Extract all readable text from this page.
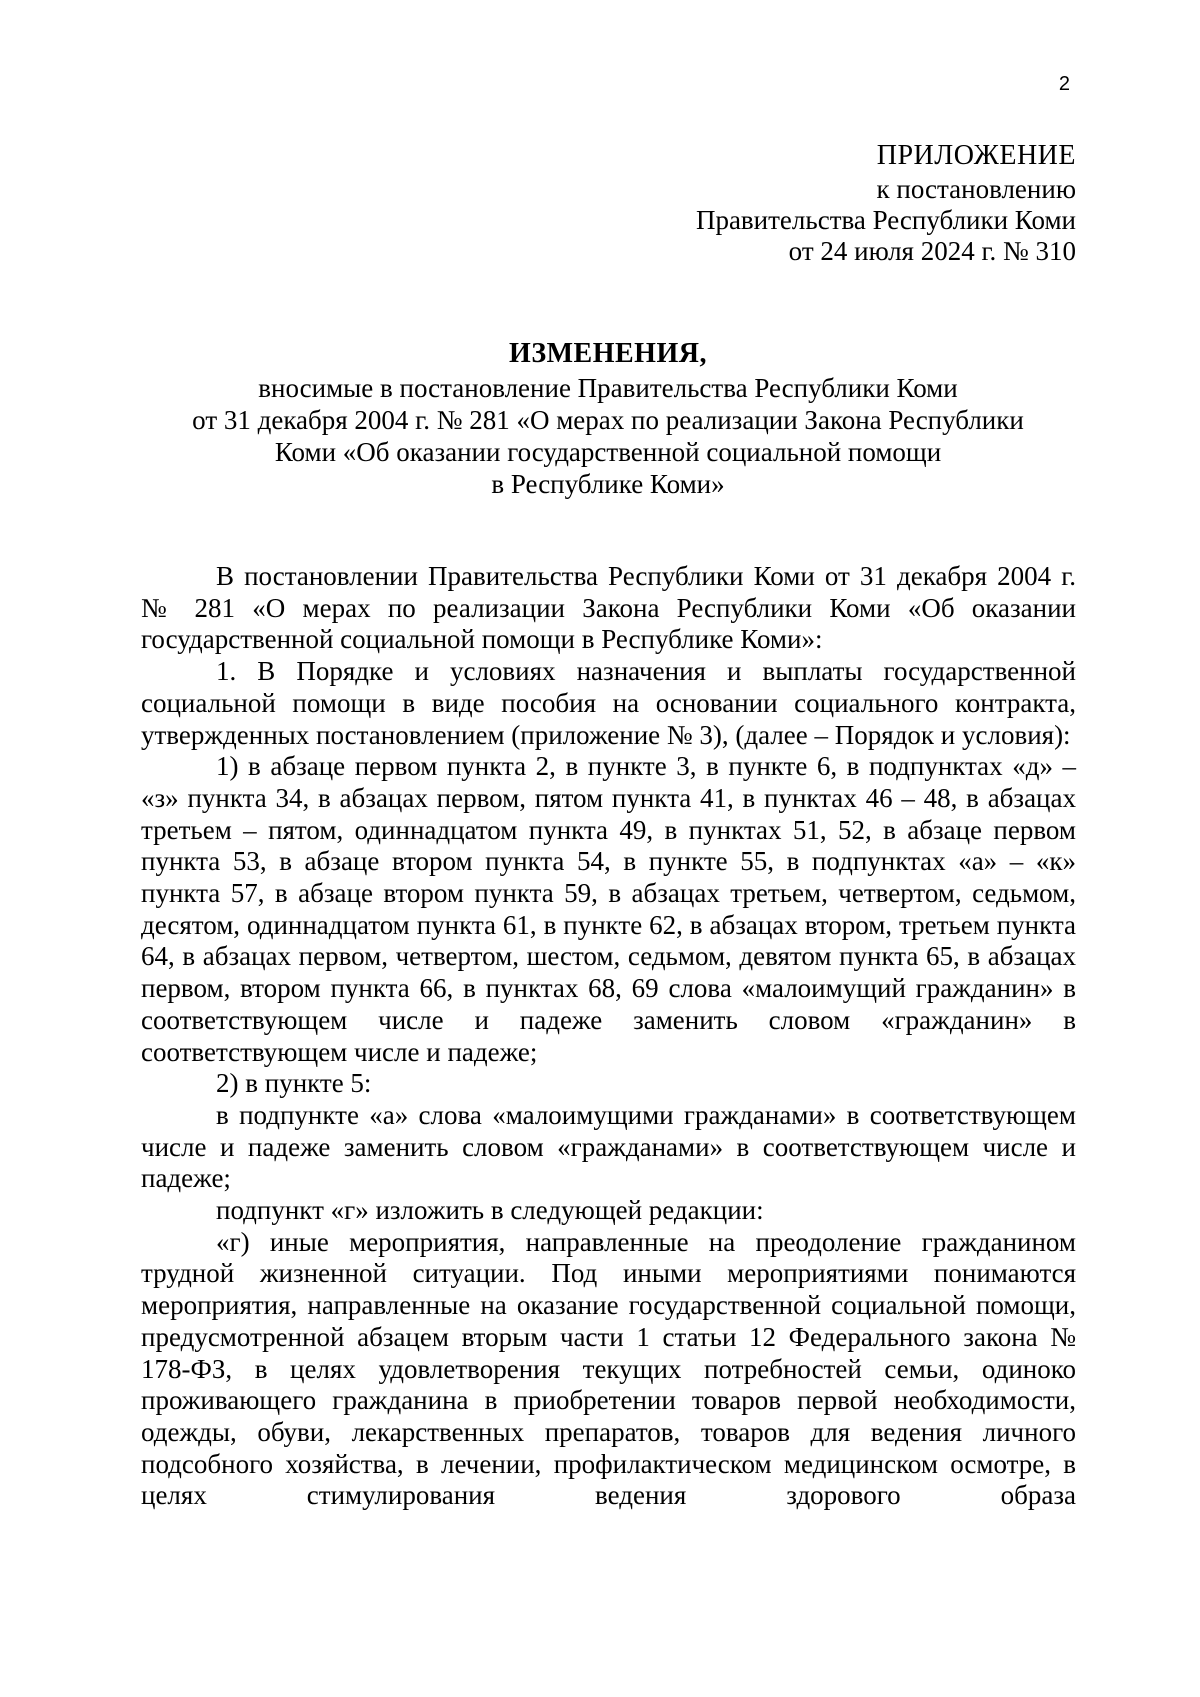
2
ПРИЛОЖЕНИЕ
к постановлению
Правительства Республики Коми
от 24 июля 2024 г. № 310
ИЗМЕНЕНИЯ,
вносимые в постановление Правительства Республики Коми
от 31 декабря 2004 г. № 281 «О мерах по реализации Закона Республики
Коми «Об оказании государственной социальной помощи
в Республике Коми»

В постановлении Правительства Республики Коми от 31 декабря 2004 г. № 281 «О мерах по реализации Закона Республики Коми «Об оказании государственной социальной помощи в Республике Коми»:

1. В Порядке и условиях назначения и выплаты государственной социальной помощи в виде пособия на основании социального контракта, утвержденных постановлением (приложение № 3), (далее – Порядок и условия):

1) в абзаце первом пункта 2, в пункте 3, в пункте 6, в подпунктах «д» – «з» пункта 34, в абзацах первом, пятом пункта 41, в пунктах 46 – 48, в абзацах третьем – пятом, одиннадцатом пункта 49, в пунктах 51, 52, в абзаце первом пункта 53, в абзаце втором пункта 54, в пункте 55, в подпунктах «а» – «к» пункта 57, в абзаце втором пункта 59, в абзацах третьем, четвертом, седьмом, десятом, одиннадцатом пункта 61, в пункте 62, в абзацах втором, третьем пункта 64, в абзацах первом, четвертом, шестом, седьмом, девятом пункта 65, в абзацах первом, втором пункта 66, в пунктах 68, 69 слова «малоимущий гражданин» в соответствующем числе и падеже заменить словом «гражданин» в соответствующем числе и падеже;

2) в пункте 5:

в подпункте «а» слова «малоимущими гражданами» в соответствующем числе и падеже заменить словом «гражданами» в соответствующем числе и падеже;

подпункт «г» изложить в следующей редакции:

«г) иные мероприятия, направленные на преодоление гражданином трудной жизненной ситуации. Под иными мероприятиями понимаются мероприятия, направленные на оказание государственной социальной помощи, предусмотренной абзацем вторым части 1 статьи 12 Федерального закона № 178-ФЗ, в целях удовлетворения текущих потребностей семьи, одиноко проживающего гражданина в приобретении товаров первой необходимости, одежды, обуви, лекарственных препаратов, товаров для ведения личного подсобного хозяйства, в лечении, профилактическом медицинском осмотре, в целях стимулирования ведения здорового образа
